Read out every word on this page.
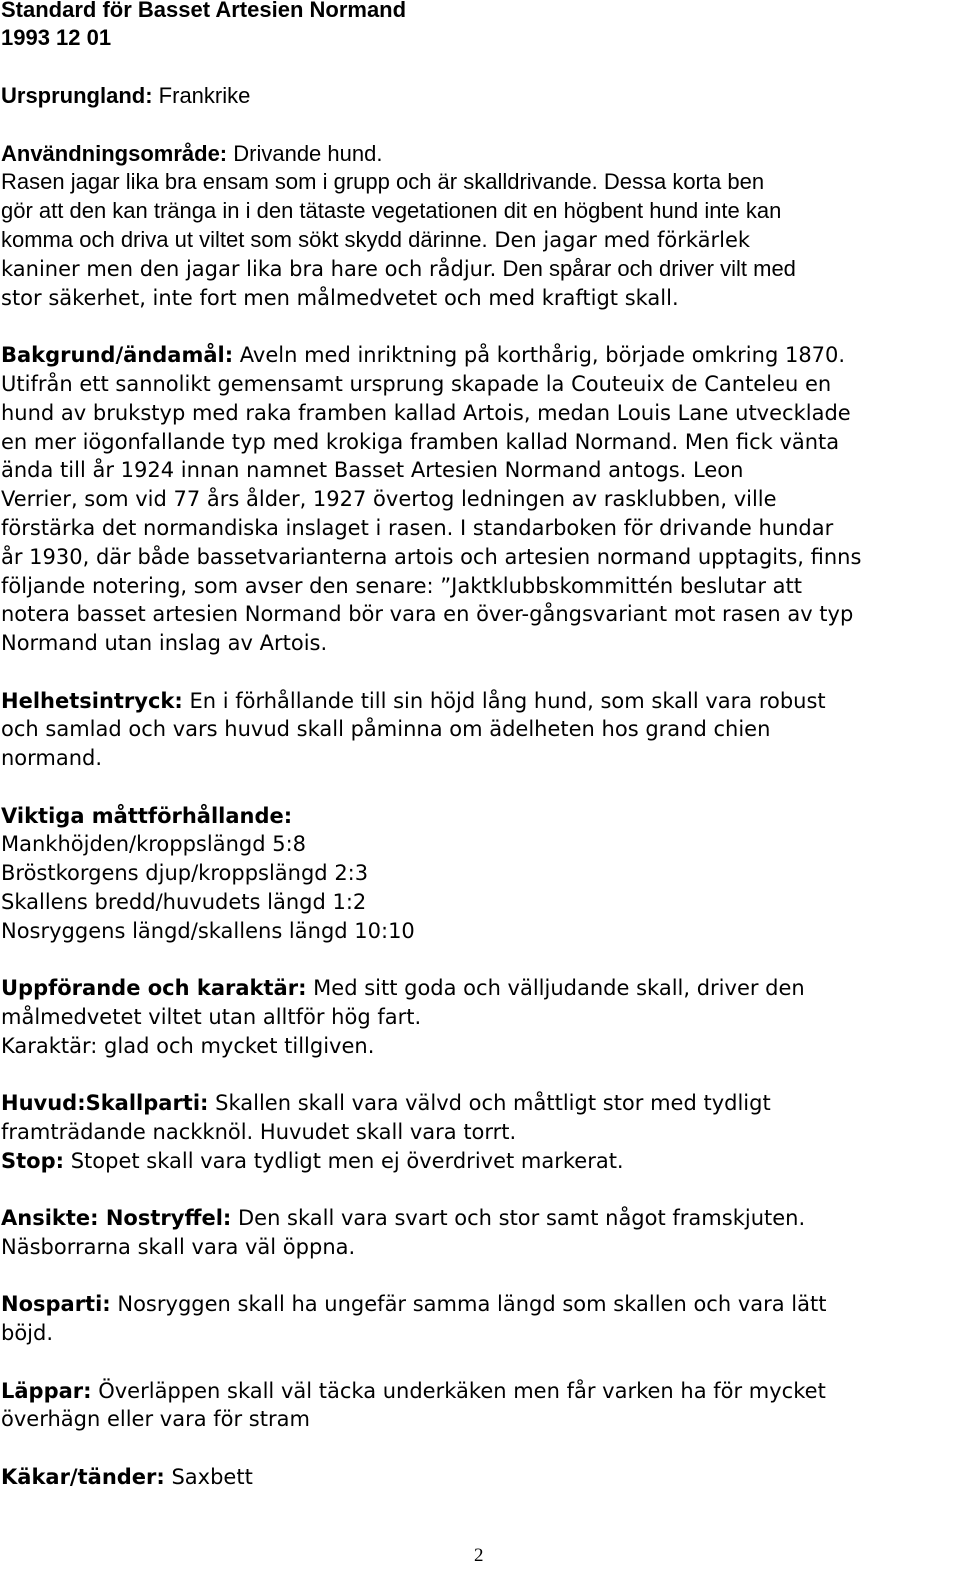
Standard för Basset Artesien Normand
1993 12 01
Ursprungland: Frankrike
Användningsområde: Drivande hund.
Rasen jagar lika bra ensam som i grupp och är skalldrivande. Dessa korta ben
gör att den kan tränga in i den tätaste vegetationen dit en högbent hund inte kan
komma och driva ut viltet som sökt skydd därinne. Den jagar med förkärlek
kaniner men den jagar lika bra hare och rådjur. Den spårar och driver vilt med
stor säkerhet, inte fort men målmedvetet och med kraftigt skall.
Bakgrund/ändamål: Aveln med inriktning på korthårig, började omkring 1870.
Utifrån ett sannolikt gemensamt ursprung skapade la Couteuix de Canteleu en
hund av brukstyp med raka framben kallad Artois, medan Louis Lane utvecklade
en mer iögonfallande typ med krokiga framben kallad Normand. Men fick vänta
ända till år 1924 innan namnet Basset Artesien Normand antogs. Leon
Verrier, som vid 77 års ålder, 1927 övertog ledningen av rasklubben, ville
förstärka det normandiska inslaget i rasen. I standarboken för drivande hundar
år 1930, där både bassetvarianterna artois och artesien normand upptagits, finns
följande notering, som avser den senare: ”Jaktklubbskommittén beslutar att
notera basset artesien Normand bör vara en över-gångsvariant mot rasen av typ
Normand utan inslag av Artois.
Helhetsintryck: En i förhållande till sin höjd lång hund, som skall vara robust
och samlad och vars huvud skall påminna om ädelheten hos grand chien
normand.
Viktiga måttförhållande:
Mankhöjden/kroppslängd 5:8
Bröstkorgens djup/kroppslängd 2:3
Skallens bredd/huvudets längd 1:2
Nosryggens längd/skallens längd 10:10
Uppförande och karaktär: Med sitt goda och välljudande skall, driver den
målmedvetet viltet utan alltför hög fart.
Karaktär: glad och mycket tillgiven.
Huvud:Skallparti: Skallen skall vara välvd och måttligt stor med tydligt
framträdande nackknöl. Huvudet skall vara torrt.
Stop: Stopet skall vara tydligt men ej överdrivet markerat.
Ansikte: Nostryffel: Den skall vara svart och stor samt något framskjuten.
Näsborrarna skall vara väl öppna.
Nosparti: Nosryggen skall ha ungefär samma längd som skallen och vara lätt
böjd.
Läppar: Överläppen skall väl täcka underkäken men får varken ha för mycket
överhägn eller vara för stram
Käkar/tänder: Saxbett
2
